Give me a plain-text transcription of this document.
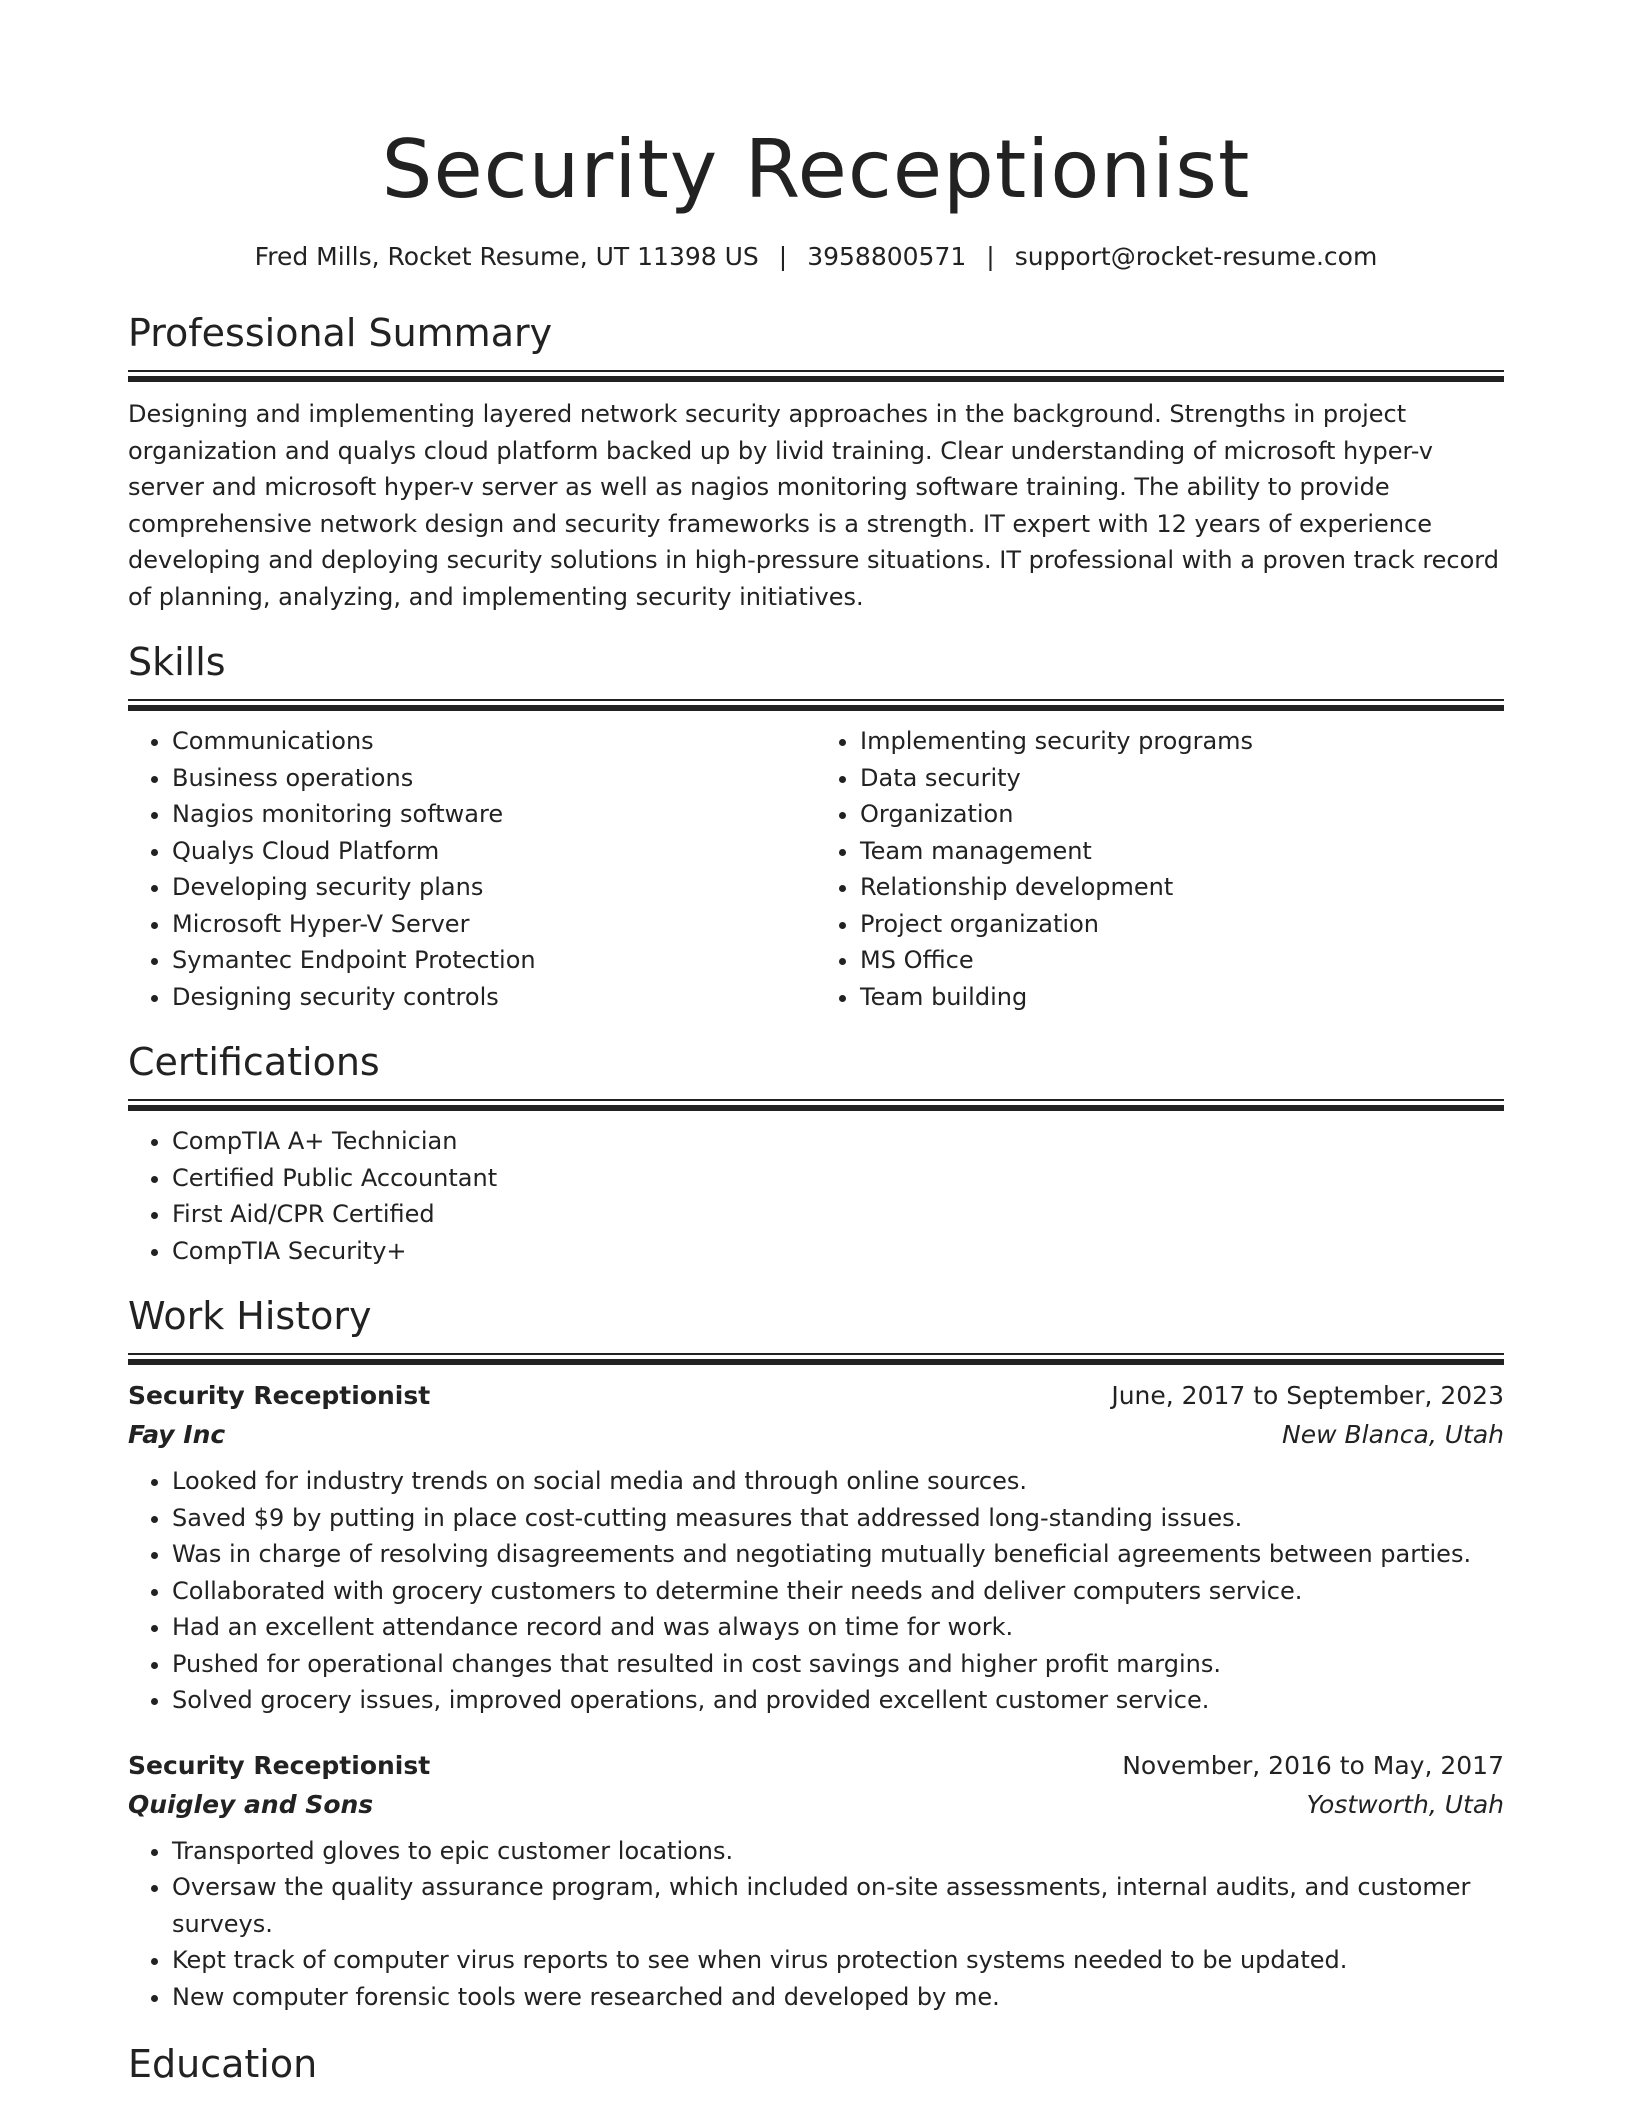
Security Receptionist
Fred Mills, Rocket Resume, UT 11398 US | 3958800571 | support@rocket-resume.com
Professional Summary

Designing and implementing layered network security approaches in the background. Strengths in project organization and qualys cloud platform backed up by livid training. Clear understanding of microsoft hyper-v server and microsoft hyper-v server as well as nagios monitoring software training. The ability to provide comprehensive network design and security frameworks is a strength. IT expert with 12 years of experience developing and deploying security solutions in high-pressure situations. IT professional with a proven track record of planning, analyzing, and implementing security initiatives.

Skills
• Communications
• Business operations
• Nagios monitoring software
• Qualys Cloud Platform
• Developing security plans
• Microsoft Hyper-V Server
• Symantec Endpoint Protection
• Designing security controls
• Implementing security programs
• Data security
• Organization
• Team management
• Relationship development
• Project organization
• MS Office
• Team building
Certifications
• CompTIA A+ Technician
• Certified Public Accountant
• First Aid/CPR Certified
• CompTIA Security+
Work History
Security Receptionist	June, 2017 to September, 2023
Fay Inc	New Blanca, Utah
• Looked for industry trends on social media and through online sources.
• Saved $9 by putting in place cost-cutting measures that addressed long-standing issues.
• Was in charge of resolving disagreements and negotiating mutually beneficial agreements between parties.
• Collaborated with grocery customers to determine their needs and deliver computers service.
• Had an excellent attendance record and was always on time for work.
• Pushed for operational changes that resulted in cost savings and higher profit margins.
• Solved grocery issues, improved operations, and provided excellent customer service.
Security Receptionist	November, 2016 to May, 2017
Quigley and Sons	Yostworth, Utah
• Transported gloves to epic customer locations.
• Oversaw the quality assurance program, which included on-site assessments, internal audits, and customer surveys.
• Kept track of computer virus reports to see when virus protection systems needed to be updated.
• New computer forensic tools were researched and developed by me.
Education
